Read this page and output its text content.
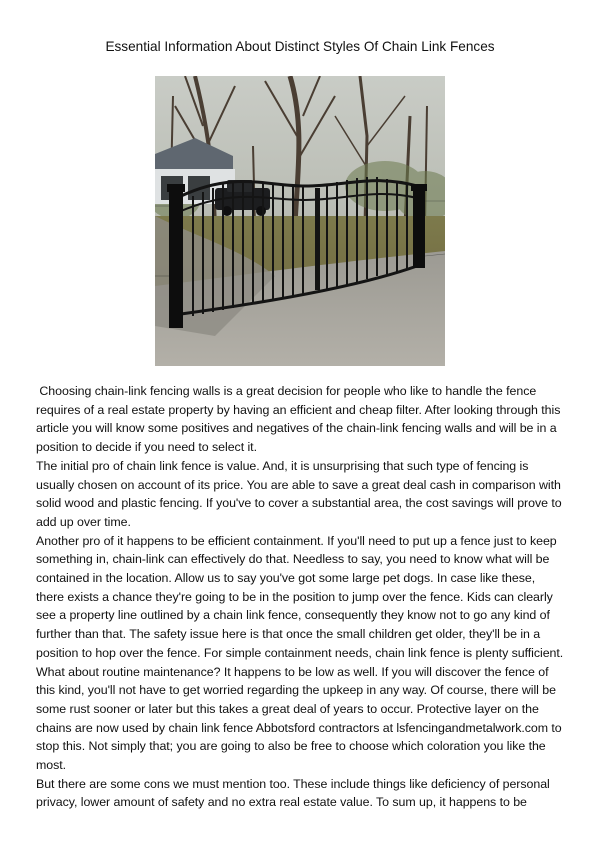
Essential Information About Distinct Styles Of Chain Link Fences

Choosing chain-link fencing walls is a great decision for people who like to handle the fence requires of a real estate property by having an efficient and cheap filter. After looking through this article you will know some positives and negatives of the chain-link fencing walls and will be in a position to decide if you need to select it.

The initial pro of chain link fence is value. And, it is unsurprising that such type of fencing is usually chosen on account of its price. You are able to save a great deal cash in comparison with solid wood and plastic fencing. If you've to cover a substantial area, the cost savings will prove to add up over time.

Another pro of it happens to be efficient containment. If you'll need to put up a fence just to keep something in, chain-link can effectively do that. Needless to say, you need to know what will be contained in the location. Allow us to say you've got some large pet dogs. In case like these, there exists a chance they're going to be in the position to jump over the fence. Kids can clearly see a property line outlined by a chain link fence, consequently they know not to go any kind of further than that. The safety issue here is that once the small children get older, they'll be in a position to hop over the fence. For simple containment needs, chain link fence is plenty sufficient.

What about routine maintenance? It happens to be low as well. If you will discover the fence of this kind, you'll not have to get worried regarding the upkeep in any way. Of course, there will be some rust sooner or later but this takes a great deal of years to occur. Protective layer on the chains are now used by chain link fence Abbotsford contractors at lsfencingandmetalwork.com to stop this. Not simply that; you are going to also be free to choose which coloration you like the most.

But there are some cons we must mention too. These include things like deficiency of personal privacy, lower amount of safety and no extra real estate value. To sum up, it happens to be
